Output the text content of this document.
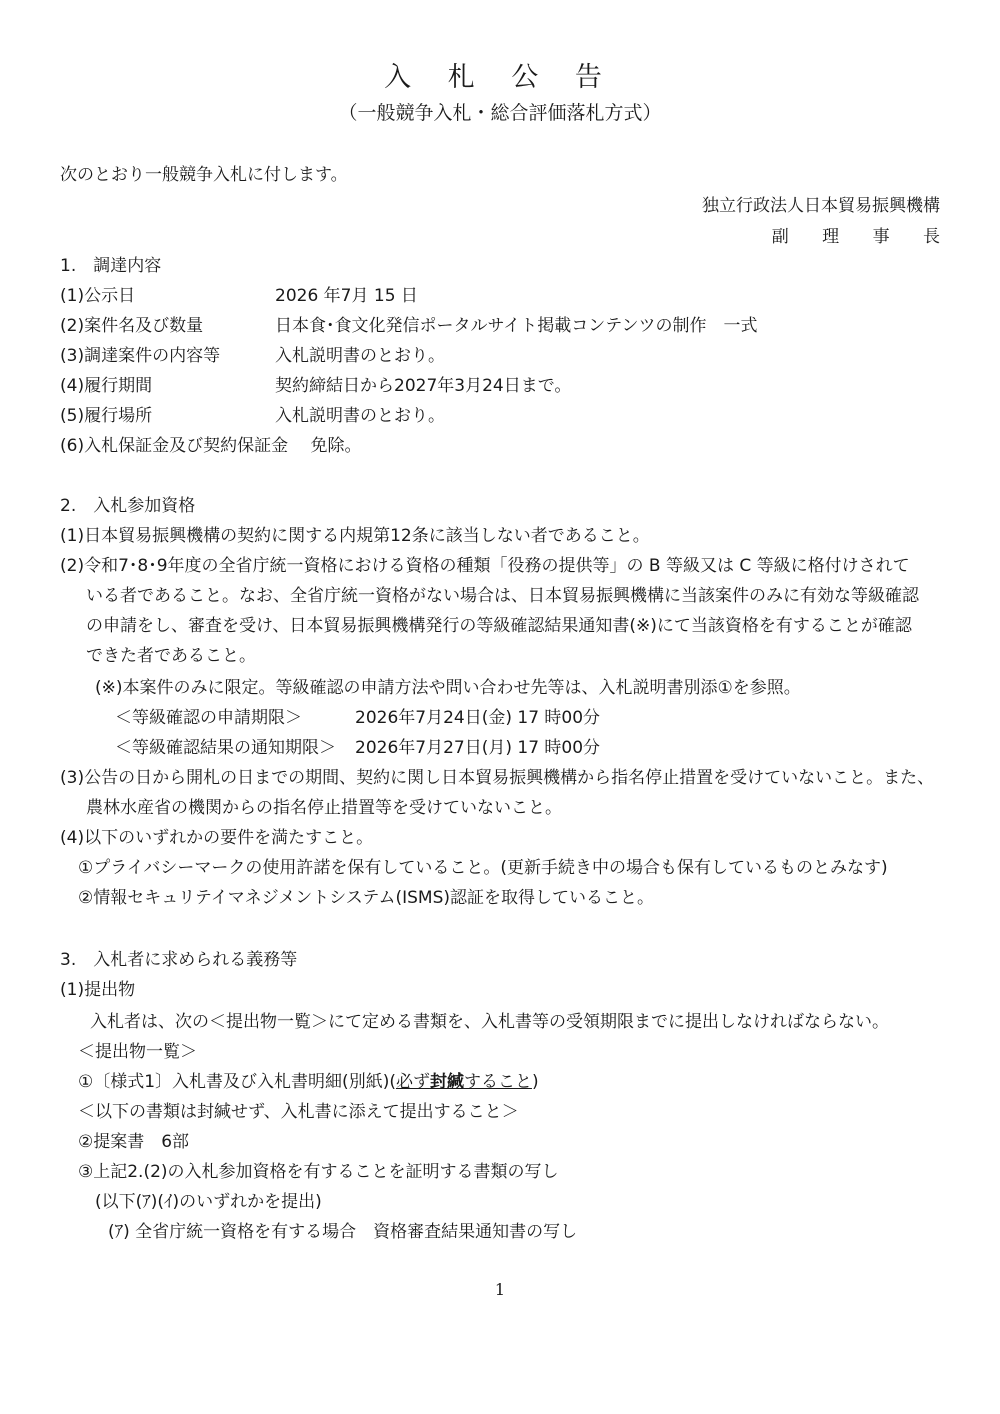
入 札 公 告
（一般競争入札・総合評価落札方式）
次のとおり一般競争入札に付します。
独立行政法人日本貿易振興機構
副 理 事 長
1.　調達内容
(1)公示日	2026 年7月 15 日
(2)案件名及び数量	日本食･食文化発信ポータルサイト掲載コンテンツの制作　一式
(3)調達案件の内容等	入札説明書のとおり。
(4)履行期間	契約締結日から2027年3月24日まで。
(5)履行場所	入札説明書のとおり。
(6)入札保証金及び契約保証金　 免除。
2.　入札参加資格
(1)日本貿易振興機構の契約に関する内規第12条に該当しない者であること。
(2)令和7･8･9年度の全省庁統一資格における資格の種類「役務の提供等」の B 等級又は C 等級に格付けされて
いる者であること。なお、全省庁統一資格がない場合は、日本貿易振興機構に当該案件のみに有効な等級確認
の申請をし、審査を受け、日本貿易振興機構発行の等級確認結果通知書(※)にて当該資格を有することが確認
できた者であること。
(※)本案件のみに限定。等級確認の申請方法や問い合わせ先等は、入札説明書別添①を参照。
＜等級確認の申請期限＞	2026年7月24日(金) 17 時00分
＜等級確認結果の通知期限＞ 2026年7月27日(月) 17 時00分
(3)公告の日から開札の日までの期間、契約に関し日本貿易振興機構から指名停止措置を受けていないこと。また、
農林水産省の機関からの指名停止措置等を受けていないこと。
(4)以下のいずれかの要件を満たすこと。
①プライバシーマークの使用許諾を保有していること。(更新手続き中の場合も保有しているものとみなす)
②情報セキュリテイマネジメントシステム(ISMS)認証を取得していること。
3.　入札者に求められる義務等
(1)提出物
入札者は、次の＜提出物一覧＞にて定める書類を、入札書等の受領期限までに提出しなければならない。
＜提出物一覧＞
①〔様式1〕入札書及び入札書明細(別紙)(必ず封緘すること)
＜以下の書類は封緘せず、入札書に添えて提出すること＞
②提案書　6部
③上記2.(2)の入札参加資格を有することを証明する書類の写し
(以下(ｱ)(ｲ)のいずれかを提出)
(ｱ) 全省庁統一資格を有する場合　資格審査結果通知書の写し
1
